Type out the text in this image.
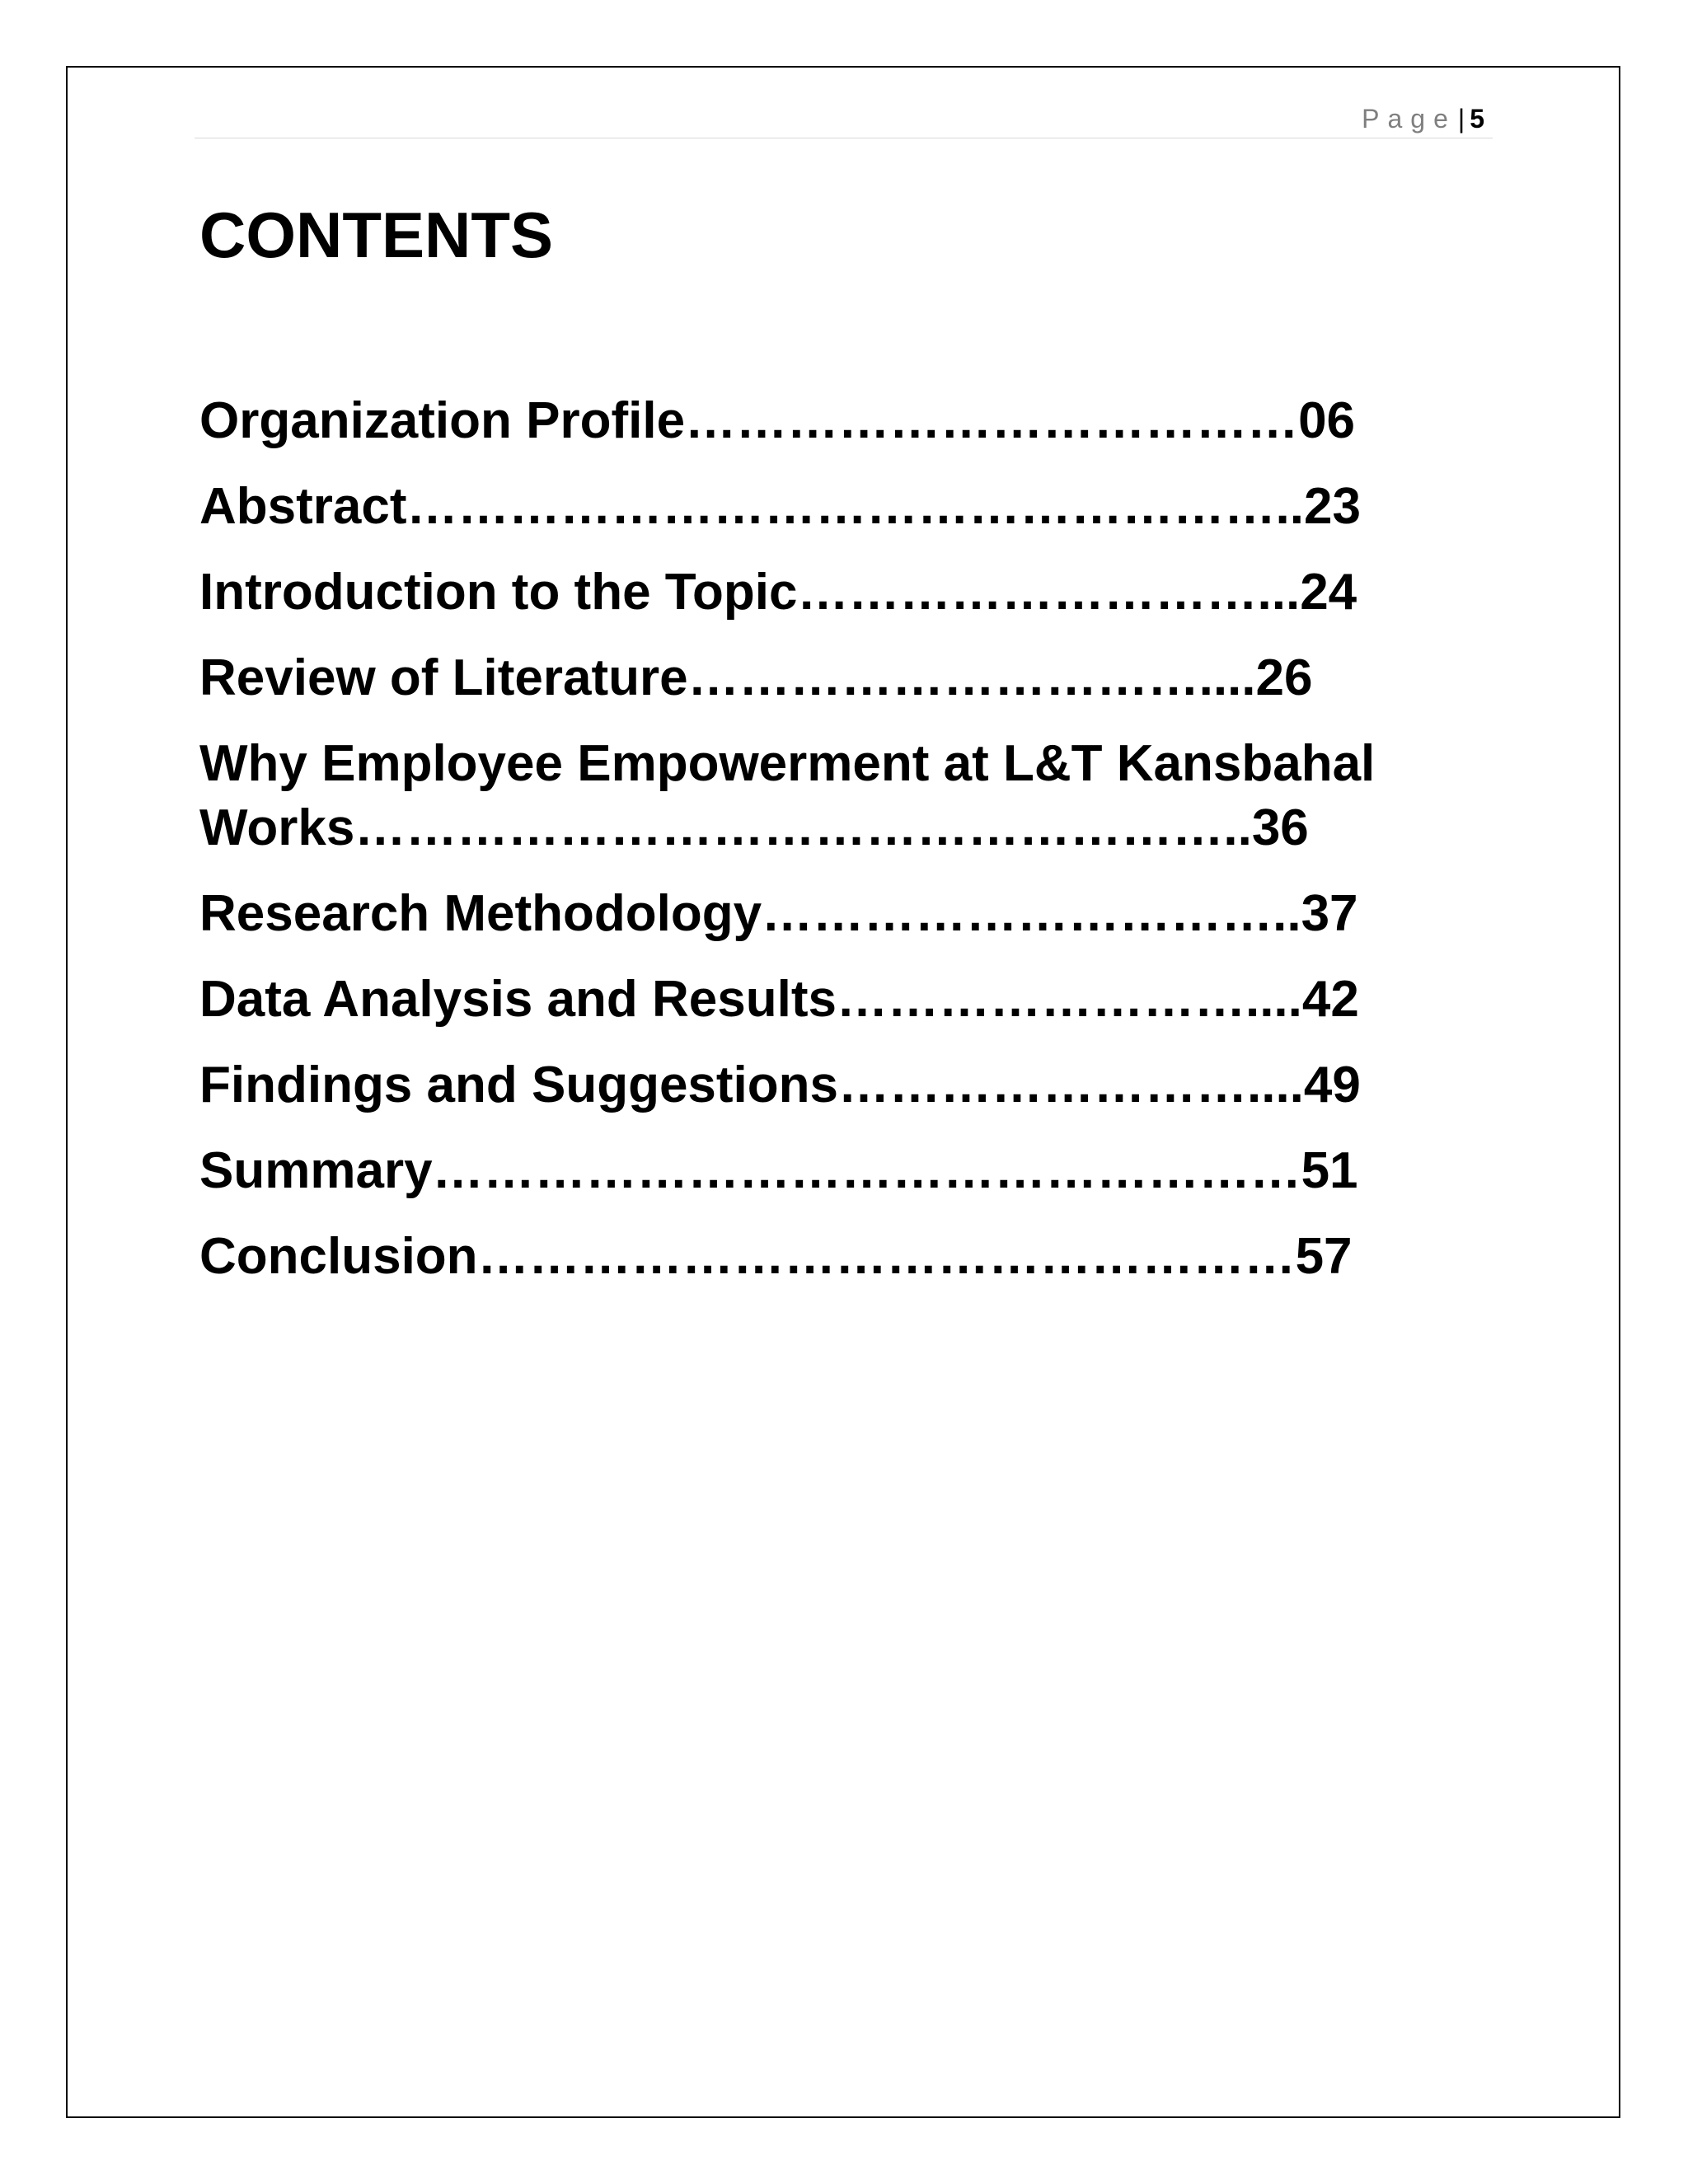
Page| 5
CONTENTS
Organization Profile………………………………06
Abstract……………………………………………..23
Introduction to the Topic………………………...24
Review of Literature…………………………....26
Why Employee Empowerment at L&T Kansbahal
Works……………………………………………..36
Research Methodology…………………………..37
Data Analysis and Results……………………....42
Findings and Suggestions……………………....49
Summary……………………………………………51
Conclusion…………………………………………57
